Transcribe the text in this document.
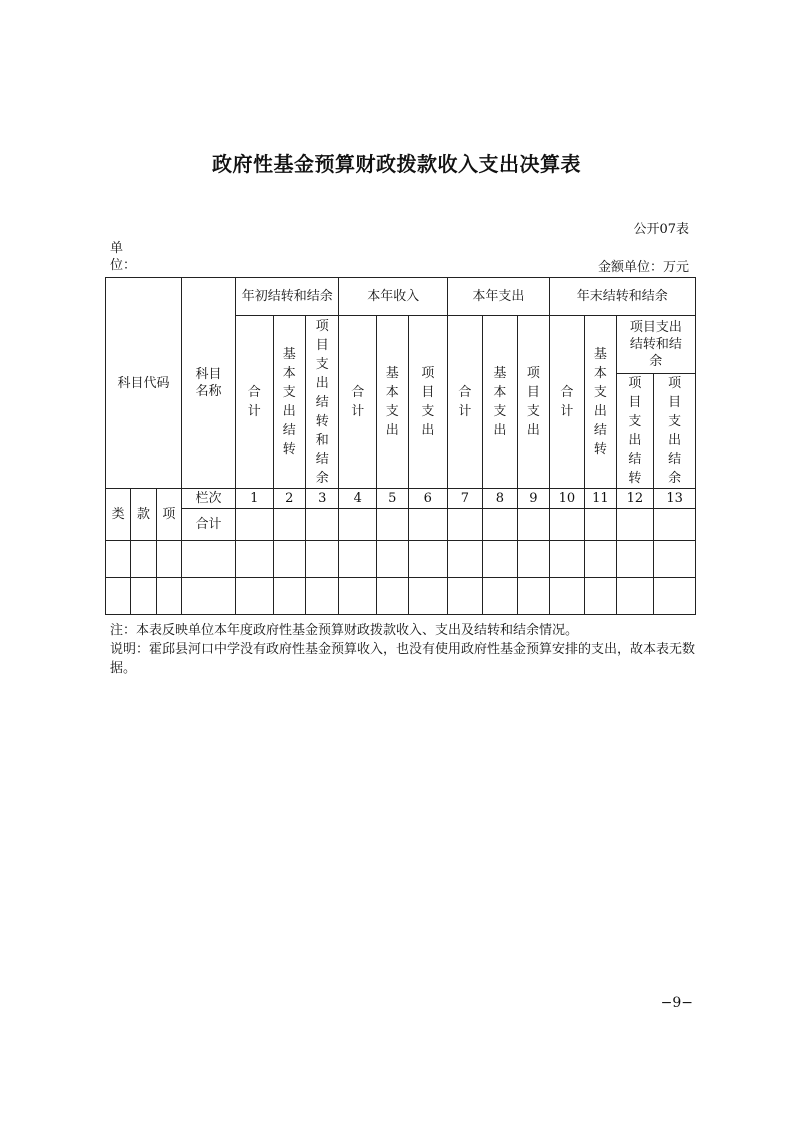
政府性基金预算财政拨款收入支出决算表
公开07表
单位：	金额单位：万元
科目代码			科目名称	年初结转和结余			本年收入			本年支出			年末结转和结余			
				合计	基本支出结转	项目支出结转和结余	合计	基本支出	项目支出	合计	基本支出	项目支出	合计	基本支出结转	项目支出结转和结余	
															项目支出结转	项目支出结余
类	款	项	栏次	1	2	3	4	5	6	7	8	9	10	11	12	13
			合计													

注：本表反映单位本年度政府性基金预算财政拨款收入、支出及结转和结余情况。

说明：霍邱县河口中学没有政府性基金预算收入，也没有使用政府性基金预算安排的支出，故本表无数据。

−9−
